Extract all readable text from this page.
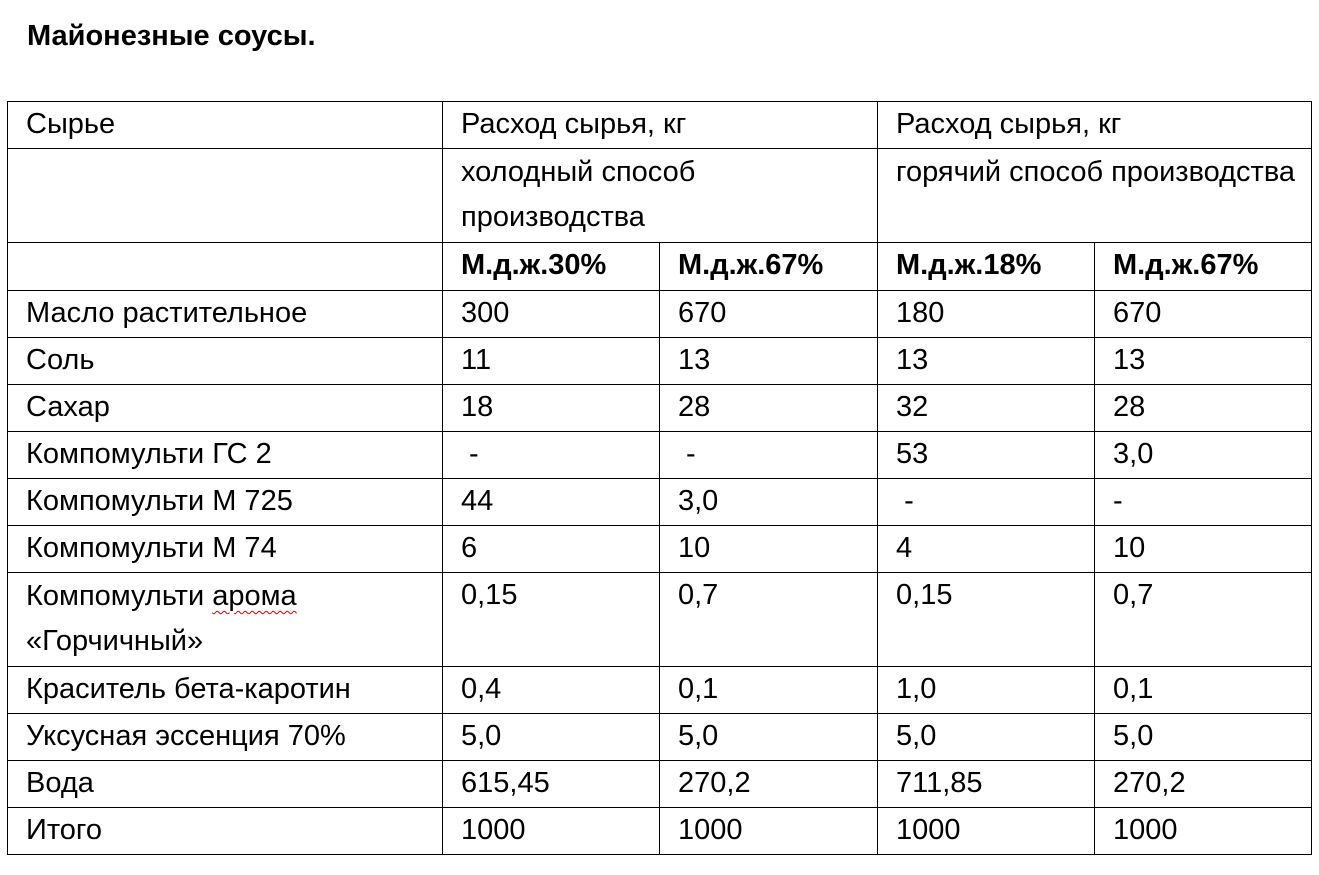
Майонезные соусы.
Сырье	Расход сырья, кг		Расход сырья, кг	
	холодный способ производства		горячий способ производства	
	М.д.ж.30%	М.д.ж.67%	М.д.ж.18%	М.д.ж.67%
Масло растительное	300	670	180	670
Соль	11	13	13	13
Сахар	18	28	32	28
Компомульти ГС 2	-	-	53	3,0
Компомульти М 725	44	3,0	-	-
Компомульти М 74	6	10	4	10
Компомульти арома
«Горчичный»	0,15	0,7	0,15	0,7
Краситель бета-каротин	0,4	0,1	1,0	0,1
Уксусная эссенция 70%	5,0	5,0	5,0	5,0
Вода	615,45	270,2	711,85	270,2
Итого	1000	1000	1000	1000
